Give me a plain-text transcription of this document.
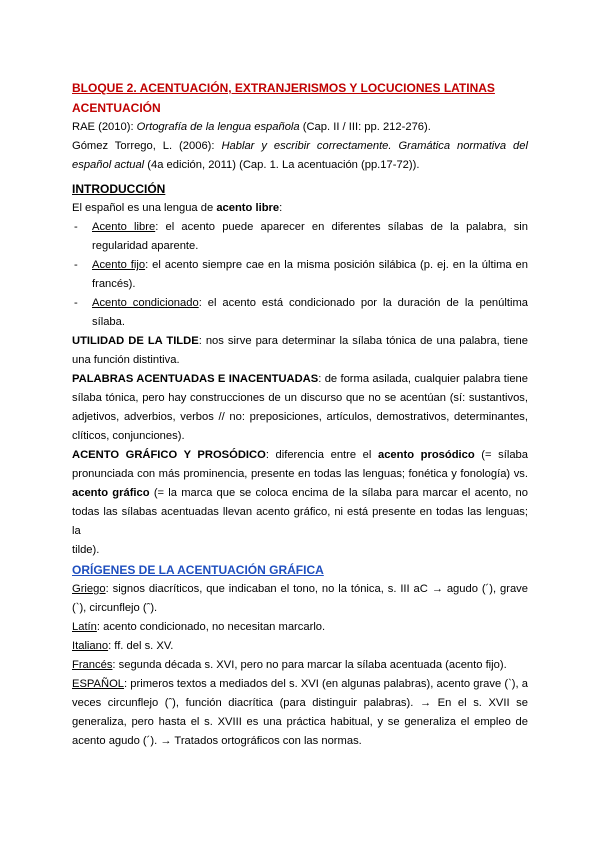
BLOQUE 2. ACENTUACIÓN, EXTRANJERISMOS Y LOCUCIONES LATINAS

ACENTUACIÓN

RAE (2010): Ortografía de la lengua española (Cap. II / III: pp. 212-276).

Gómez Torrego, L. (2006): Hablar y escribir correctamente. Gramática normativa del

español actual (4a edición, 2011) (Cap. 1. La acentuación (pp.17-72)).

INTRODUCCIÓN

El español es una lengua de acento libre:

- Acento libre: el acento puede aparecer en diferentes sílabas de la palabra, sin

regularidad aparente.

- Acento fijo: el acento siempre cae en la misma posición silábica (p. ej. en la última en

francés).

- Acento condicionado: el acento está condicionado por la duración de la penúltima

sílaba.

UTILIDAD DE LA TILDE: nos sirve para determinar la sílaba tónica de una palabra, tiene

una función distintiva.

PALABRAS ACENTUADAS E INACENTUADAS: de forma asilada, cualquier palabra tiene

sílaba tónica, pero hay construcciones de un discurso que no se acentúan (sí: sustantivos,

adjetivos, adverbios, verbos // no: preposiciones, artículos, demostrativos, determinantes,

clíticos, conjunciones).

ACENTO GRÁFICO Y PROSÓDICO: diferencia entre el acento prosódico (= sílaba

pronunciada con más prominencia, presente en todas las lenguas; fonética y fonología) vs.

acento gráfico (= la marca que se coloca encima de la sílaba para marcar el acento, no

todas las sílabas acentuadas llevan acento gráfico, ni está presente en todas las lenguas; la

tilde).

ORÍGENES DE LA ACENTUACIÓN GRÁFICA

Griego: signos diacríticos, que indicaban el tono, no la tónica, s. III aC → agudo (´), grave

(`), circunflejo (ˆ).

Latín: acento condicionado, no necesitan marcarlo.

Italiano: ff. del s. XV.

Francés: segunda década s. XVI, pero no para marcar la sílaba acentuada (acento fijo).

ESPAÑOL: primeros textos a mediados del s. XVI (en algunas palabras), acento grave (`), a

veces circunflejo (ˆ), función diacrítica (para distinguir palabras). → En el s. XVII se

generaliza, pero hasta el s. XVIII es una práctica habitual, y se generaliza el empleo de

acento agudo (´). → Tratados ortográficos con las normas.
